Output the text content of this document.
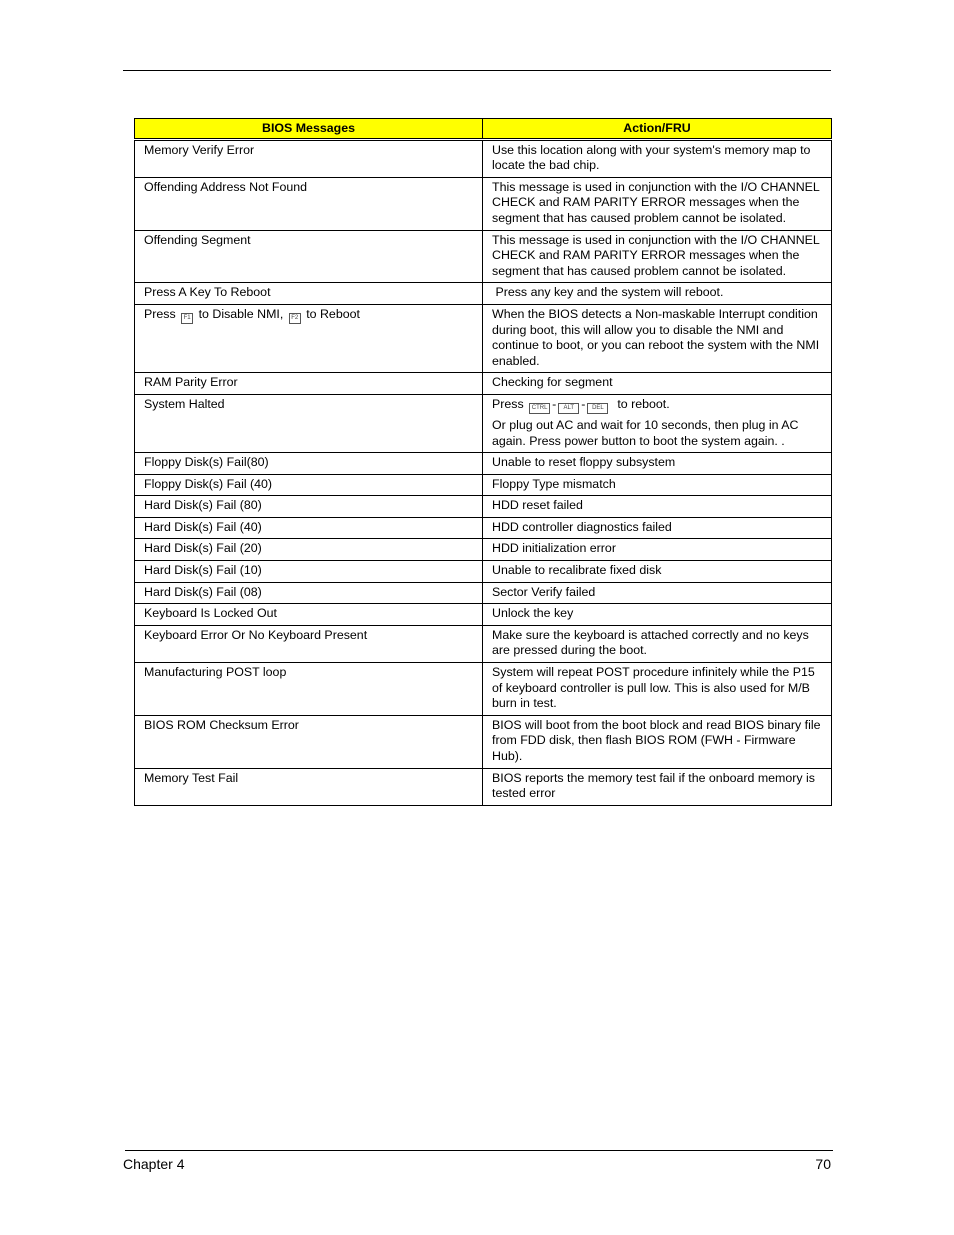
BIOS Messages	Action/FRU
Memory Verify Error	Use this location along with your system's memory map to locate the bad chip.
Offending Address Not Found	This message is used in conjunction with the I/O CHANNEL CHECK and RAM PARITY ERROR messages when the segment that has caused problem cannot be isolated.
Offending Segment	This message is used in conjunction with the I/O CHANNEL CHECK and RAM PARITY ERROR messages when the segment that has caused problem cannot be isolated.
Press A Key To Reboot	Press any key and the system will reboot.
Press F1 to Disable NMI, F2 to Reboot	When the BIOS detects a Non-maskable Interrupt condition during boot, this will allow you to disable the NMI and continue to boot, or you can reboot the system with the NMI enabled.
RAM Parity Error	Checking for segment
System Halted	Press CTRL - ALT - DEL to reboot.
Or plug out AC and wait for 10 seconds, then plug in AC again. Press power button to boot the system again. .

Floppy Disk(s) Fail(80)	Unable to reset floppy subsystem
Floppy Disk(s) Fail (40)	Floppy Type mismatch
Hard Disk(s) Fail (80)	HDD reset failed
Hard Disk(s) Fail (40)	HDD controller diagnostics failed
Hard Disk(s) Fail (20)	HDD initialization error
Hard Disk(s) Fail (10)	Unable to recalibrate fixed disk
Hard Disk(s) Fail (08)	Sector Verify failed
Keyboard Is Locked Out	Unlock the key
Keyboard Error Or No Keyboard Present	Make sure the keyboard is attached correctly and no keys are pressed during the boot.
Manufacturing POST loop	System will repeat POST procedure infinitely while the P15 of keyboard controller is pull low. This is also used for M/B burn in test.
BIOS ROM Checksum Error	BIOS will boot from the boot block and read BIOS binary file from FDD disk, then flash BIOS ROM (FWH - Firmware Hub).
Memory Test Fail	BIOS reports the memory test fail if the onboard memory is tested error
Chapter 4	70
